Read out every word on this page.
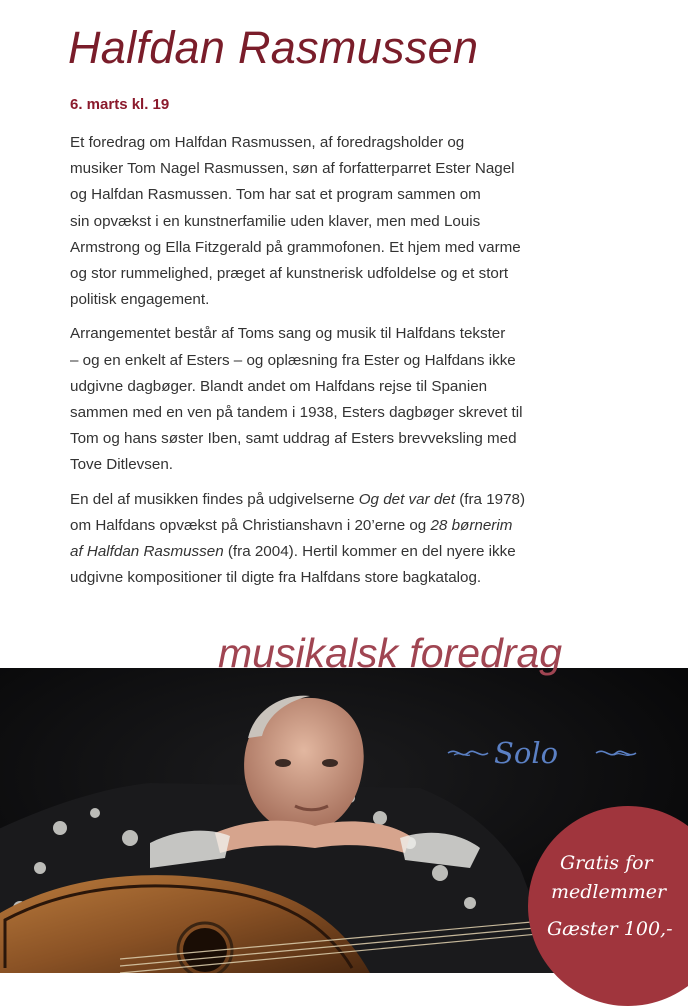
Halfdan Rasmussen
6. marts kl. 19

Et foredrag om Halfdan Rasmussen, af foredragsholder og
musiker Tom Nagel Rasmussen, søn af forfatterparret Ester Nagel
og Halfdan Rasmussen. Tom har sat et program sammen om
sin opvækst i en kunstnerfamilie uden klaver, men med Louis
Armstrong og Ella Fitzgerald på grammofonen. Et hjem med varme
og stor rummelighed, præget af kunstnerisk udfoldelse og et stort
politisk engagement.

Arrangementet består af Toms sang og musik til Halfdans tekster
– og en enkelt af Esters – og oplæsning fra Ester og Halfdans ikke
udgivne dagbøger. Blandt andet om Halfdans rejse til Spanien
sammen med en ven på tandem i 1938, Esters dagbøger skrevet til
Tom og hans søster Iben, samt uddrag af Esters brevveksling med
Tove Ditlevsen.

En del af musikken findes på udgivelserne Og det var det (fra 1978)
om Halfdans opvækst på Christianshavn i 20’erne og 28 børnerim
af Halfdan Rasmussen (fra 2004). Hertil kommer en del nyere ikke
udgivne kompositioner til digte fra Halfdans store bagkatalog.

musikalsk foredrag
Solo
Gratis for
medlemmer
Gæster 100,-
